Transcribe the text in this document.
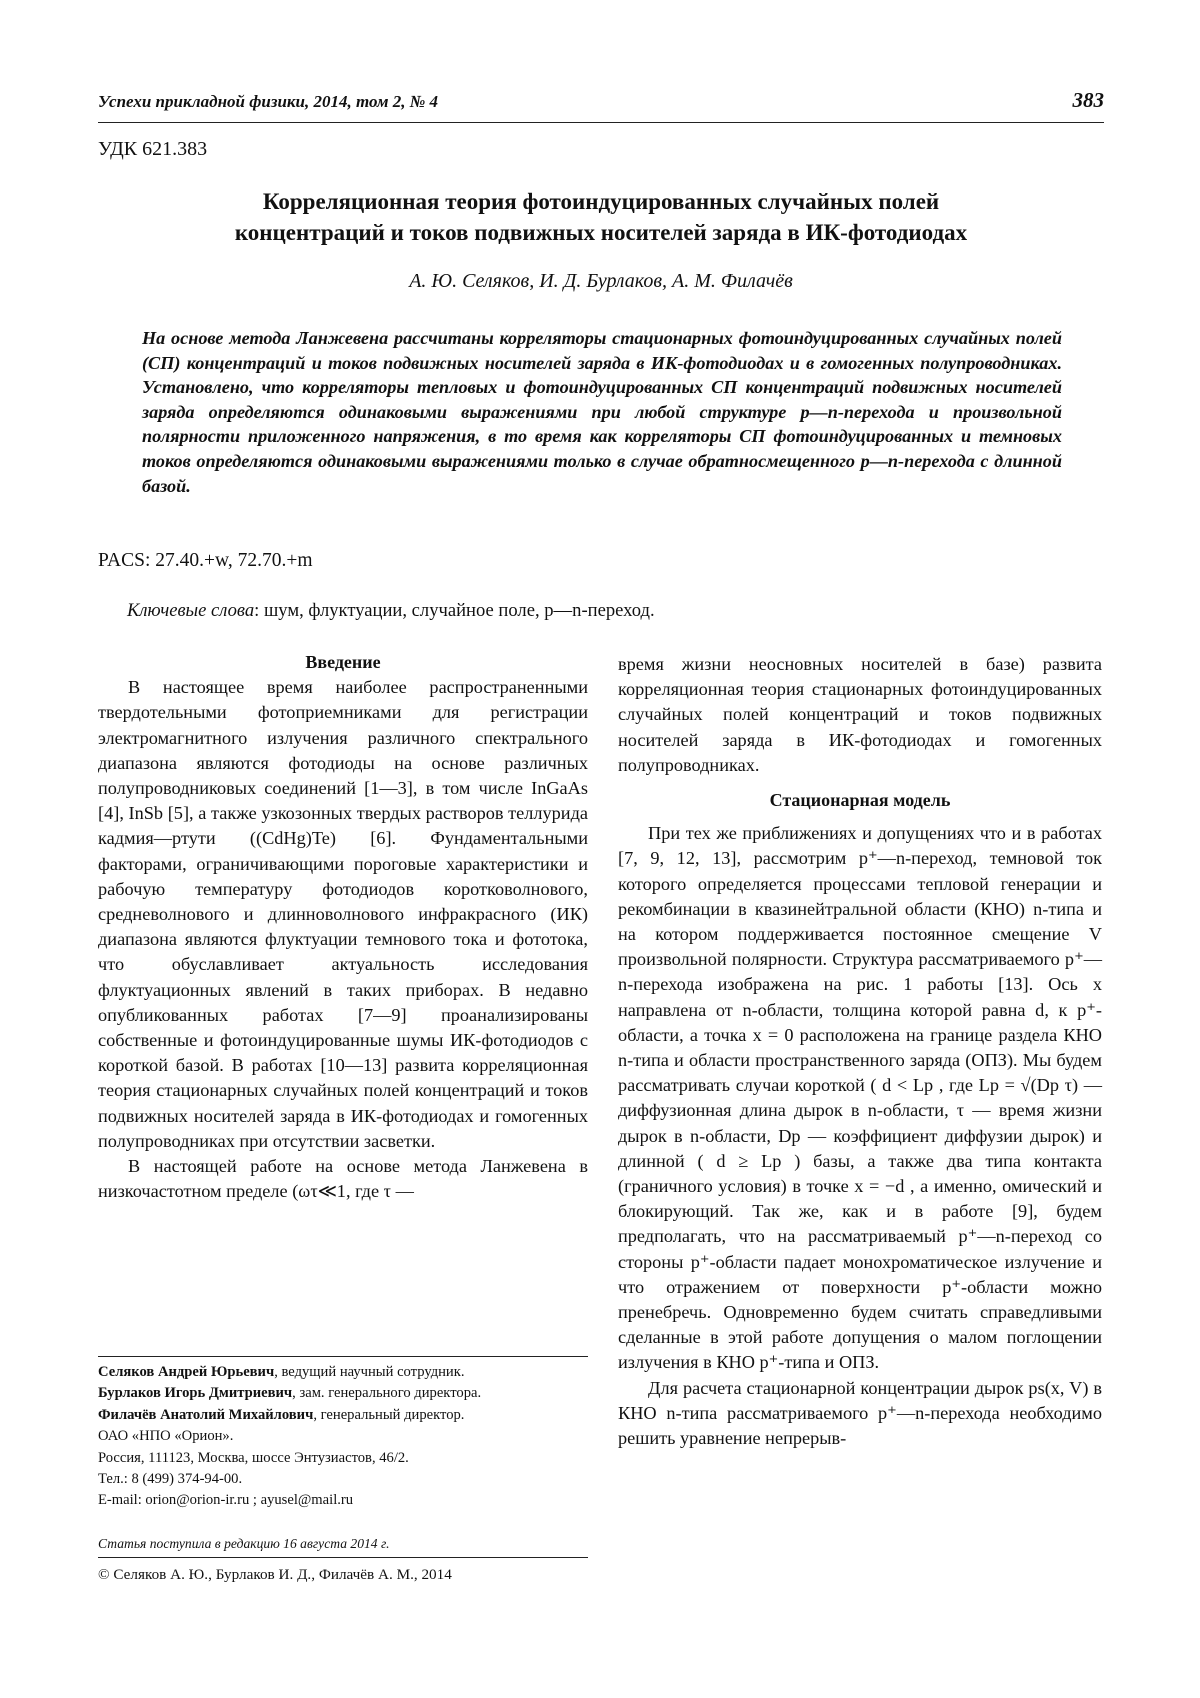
Успехи прикладной физики, 2014, том 2, № 4	383
УДК 621.383
Корреляционная теория фотоиндуцированных случайных полей
концентраций и токов подвижных носителей заряда в ИК-фотодиодах
А. Ю. Селяков, И. Д. Бурлаков, А. М. Филачёв

На основе метода Ланжевена рассчитаны корреляторы стационарных фотоиндуцированных случайных полей (СП) концентраций и токов подвижных носителей заряда в ИК-фотодиодах и в гомогенных полупроводниках. Установлено, что корреляторы тепловых и фотоиндуцированных СП концентраций подвижных носителей заряда определяются одинаковыми выражениями при любой структуре p—n-перехода и произвольной полярности приложенного напряжения, в то время как корреляторы СП фотоиндуцированных и темновых токов определяются одинаковыми выражениями только в случае обратносмещенного p—n-перехода с длинной базой.

PACS: 27.40.+w, 72.70.+m
Ключевые слова: шум, флуктуации, случайное поле, p—n-переход.

Введение

В настоящее время наиболее распространенными твердотельными фотоприемниками для регистрации электромагнитного излучения различного спектрального диапазона являются фотодиоды на основе различных полупроводниковых соединений [1—3], в том числе InGaAs [4], InSb [5], а также узкозонных твердых растворов теллурида кадмия—ртути ((CdHg)Te) [6]. Фундаментальными факторами, ограничивающими пороговые характеристики и рабочую температуру фотодиодов коротковолнового, средневолнового и длинноволнового инфракрасного (ИК) диапазона являются флуктуации темнового тока и фототока, что обуславливает актуальность исследования флуктуационных явлений в таких приборах. В недавно опубликованных работах [7—9] проанализированы собственные и фотоиндуцированные шумы ИК-фотодиодов с короткой базой. В работах [10—13] развита корреляционная теория стационарных случайных полей концентраций и токов подвижных носителей заряда в ИК-фотодиодах и гомогенных полупроводниках при отсутствии засветки.

В настоящей работе на основе метода Ланжевена в низкочастотном пределе (ωτ≪1, где τ —

время жизни неосновных носителей в базе) развита корреляционная теория стационарных фотоиндуцированных случайных полей концентраций и токов подвижных носителей заряда в ИК-фотодиодах и гомогенных полупроводниках.

Стационарная модель

При тех же приближениях и допущениях что и в работах [7, 9, 12, 13], рассмотрим p⁺—n-переход, темновой ток которого определяется процессами тепловой генерации и рекомбинации в квазинейтральной области (КНО) n-типа и на котором поддерживается постоянное смещение V произвольной полярности. Структура рассматриваемого p⁺—n-перехода изображена на рис. 1 работы [13]. Ось x направлена от n-области, толщина которой равна d, к p⁺-области, а точка x = 0 расположена на границе раздела КНО n-типа и области пространственного заряда (ОПЗ). Мы будем рассматривать случаи короткой ( d < Lp , где Lp = √(Dp τ) — диффузионная длина дырок в n-области, τ — время жизни дырок в n-области, Dp — коэффициент диффузии дырок) и длинной ( d ≥ Lp ) базы, а также два типа контакта (граничного условия) в точке x = −d , а именно, омический и блокирующий. Так же, как и в работе [9], будем предполагать, что на рассматриваемый p⁺—n-переход со стороны p⁺-области падает монохроматическое излучение и что отражением от поверхности p⁺-области можно пренебречь. Одновременно будем считать справедливыми сделанные в этой работе допущения о малом поглощении излучения в КНО p⁺-типа и ОПЗ.

Для расчета стационарной концентрации дырок ps(x, V) в КНО n-типа рассматриваемого p⁺—n-перехода необходимо решить уравнение непрерыв-

Селяков Андрей Юрьевич, ведущий научный сотрудник.
Бурлаков Игорь Дмитриевич, зам. генерального директора.
Филачёв Анатолий Михайлович, генеральный директор.
ОАО «НПО «Орион».
Россия, 111123, Москва, шоссе Энтузиастов, 46/2.
Тел.: 8 (499) 374-94-00.
E-mail: orion@orion-ir.ru ; ayusel@mail.ru
Статья поступила в редакцию 16 августа 2014 г.
© Селяков А. Ю., Бурлаков И. Д., Филачёв А. М., 2014
